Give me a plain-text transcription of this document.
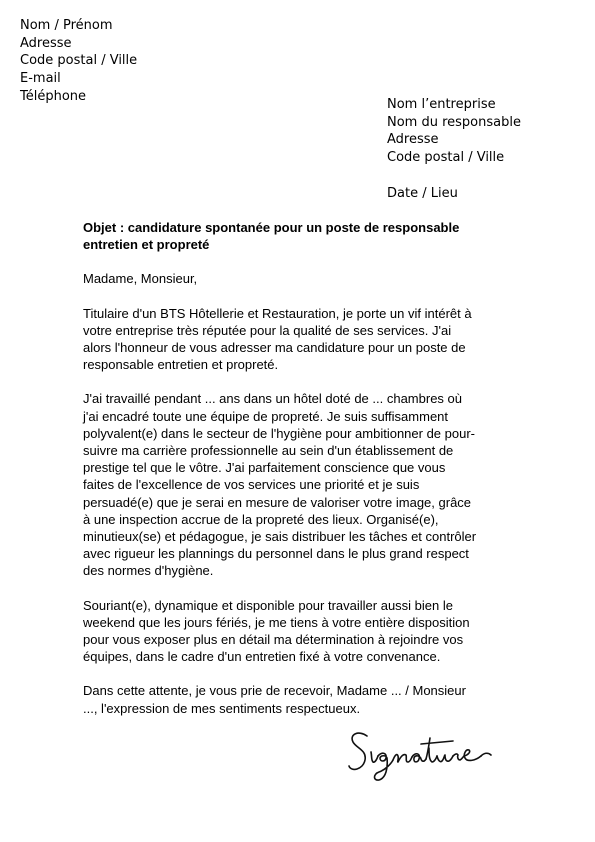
Nom / Prénom
Adresse
Code postal / Ville
E-mail
Téléphone
Nom l’entreprise
Nom du responsable
Adresse
Code postal / Ville
Date / Lieu
Objet : candidature spontanée pour un poste de responsable
entretien et propreté
Madame, Monsieur,
Titulaire d'un BTS Hôtellerie et Restauration, je porte un vif intérêt à
votre entreprise très réputée pour la qualité de ses services. J'ai
alors l'honneur de vous adresser ma candidature pour un poste de
responsable entretien et propreté.
J'ai travaillé pendant ... ans dans un hôtel doté de ... chambres où
j'ai encadré toute une équipe de propreté. Je suis suffisamment
polyvalent(e) dans le secteur de l'hygiène pour ambitionner de pour-
suivre ma carrière professionnelle au sein d'un établissement de
prestige tel que le vôtre. J'ai parfaitement conscience que vous
faites de l'excellence de vos services une priorité et je suis
persuadé(e) que je serai en mesure de valoriser votre image, grâce
à une inspection accrue de la propreté des lieux. Organisé(e),
minutieux(se) et pédagogue, je sais distribuer les tâches et contrôler
avec rigueur les plannings du personnel dans le plus grand respect
des normes d'hygiène.
Souriant(e), dynamique et disponible pour travailler aussi bien le
weekend que les jours fériés, je me tiens à votre entière disposition
pour vous exposer plus en détail ma détermination à rejoindre vos
équipes, dans le cadre d'un entretien fixé à votre convenance.
Dans cette attente, je vous prie de recevoir, Madame ... / Monsieur
..., l'expression de mes sentiments respectueux.
